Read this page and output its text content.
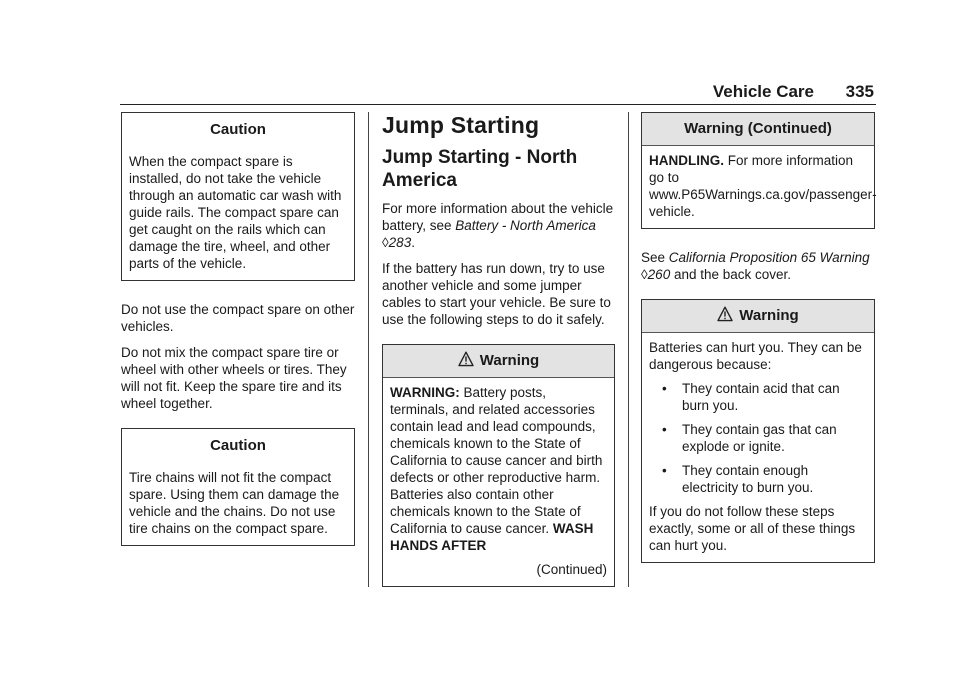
Vehicle Care 335
Caution

When the compact spare is installed, do not take the vehicle through an automatic car wash with guide rails. The compact spare can get caught on the rails which can damage the tire, wheel, and other parts of the vehicle.

Do not use the compact spare on other vehicles.

Do not mix the compact spare tire or wheel with other wheels or tires. They will not fit. Keep the spare tire and its wheel together.

Caution

Tire chains will not fit the compact spare. Using them can damage the vehicle and the chains. Do not use tire chains on the compact spare.

Jump Starting
Jump Starting - North America

For more information about the vehicle battery, see Battery - North America ◊283.

If the battery has run down, try to use another vehicle and some jumper cables to start your vehicle. Be sure to use the following steps to do it safely.

Warning

WARNING: Battery posts, terminals, and related accessories contain lead and lead compounds, chemicals known to the State of California to cause cancer and birth defects or other reproductive harm. Batteries also contain other chemicals known to the State of California to cause cancer. WASH HANDS AFTER

(Continued)

Warning (Continued)

HANDLING. For more information go to www.P65Warnings.ca.gov/passenger-vehicle.

See California Proposition 65 Warning ◊260 and the back cover.

Warning

Batteries can hurt you. They can be dangerous because:

• They contain acid that can burn you.
• They contain gas that can explode or ignite.
• They contain enough electricity to burn you.

If you do not follow these steps exactly, some or all of these things can hurt you.
